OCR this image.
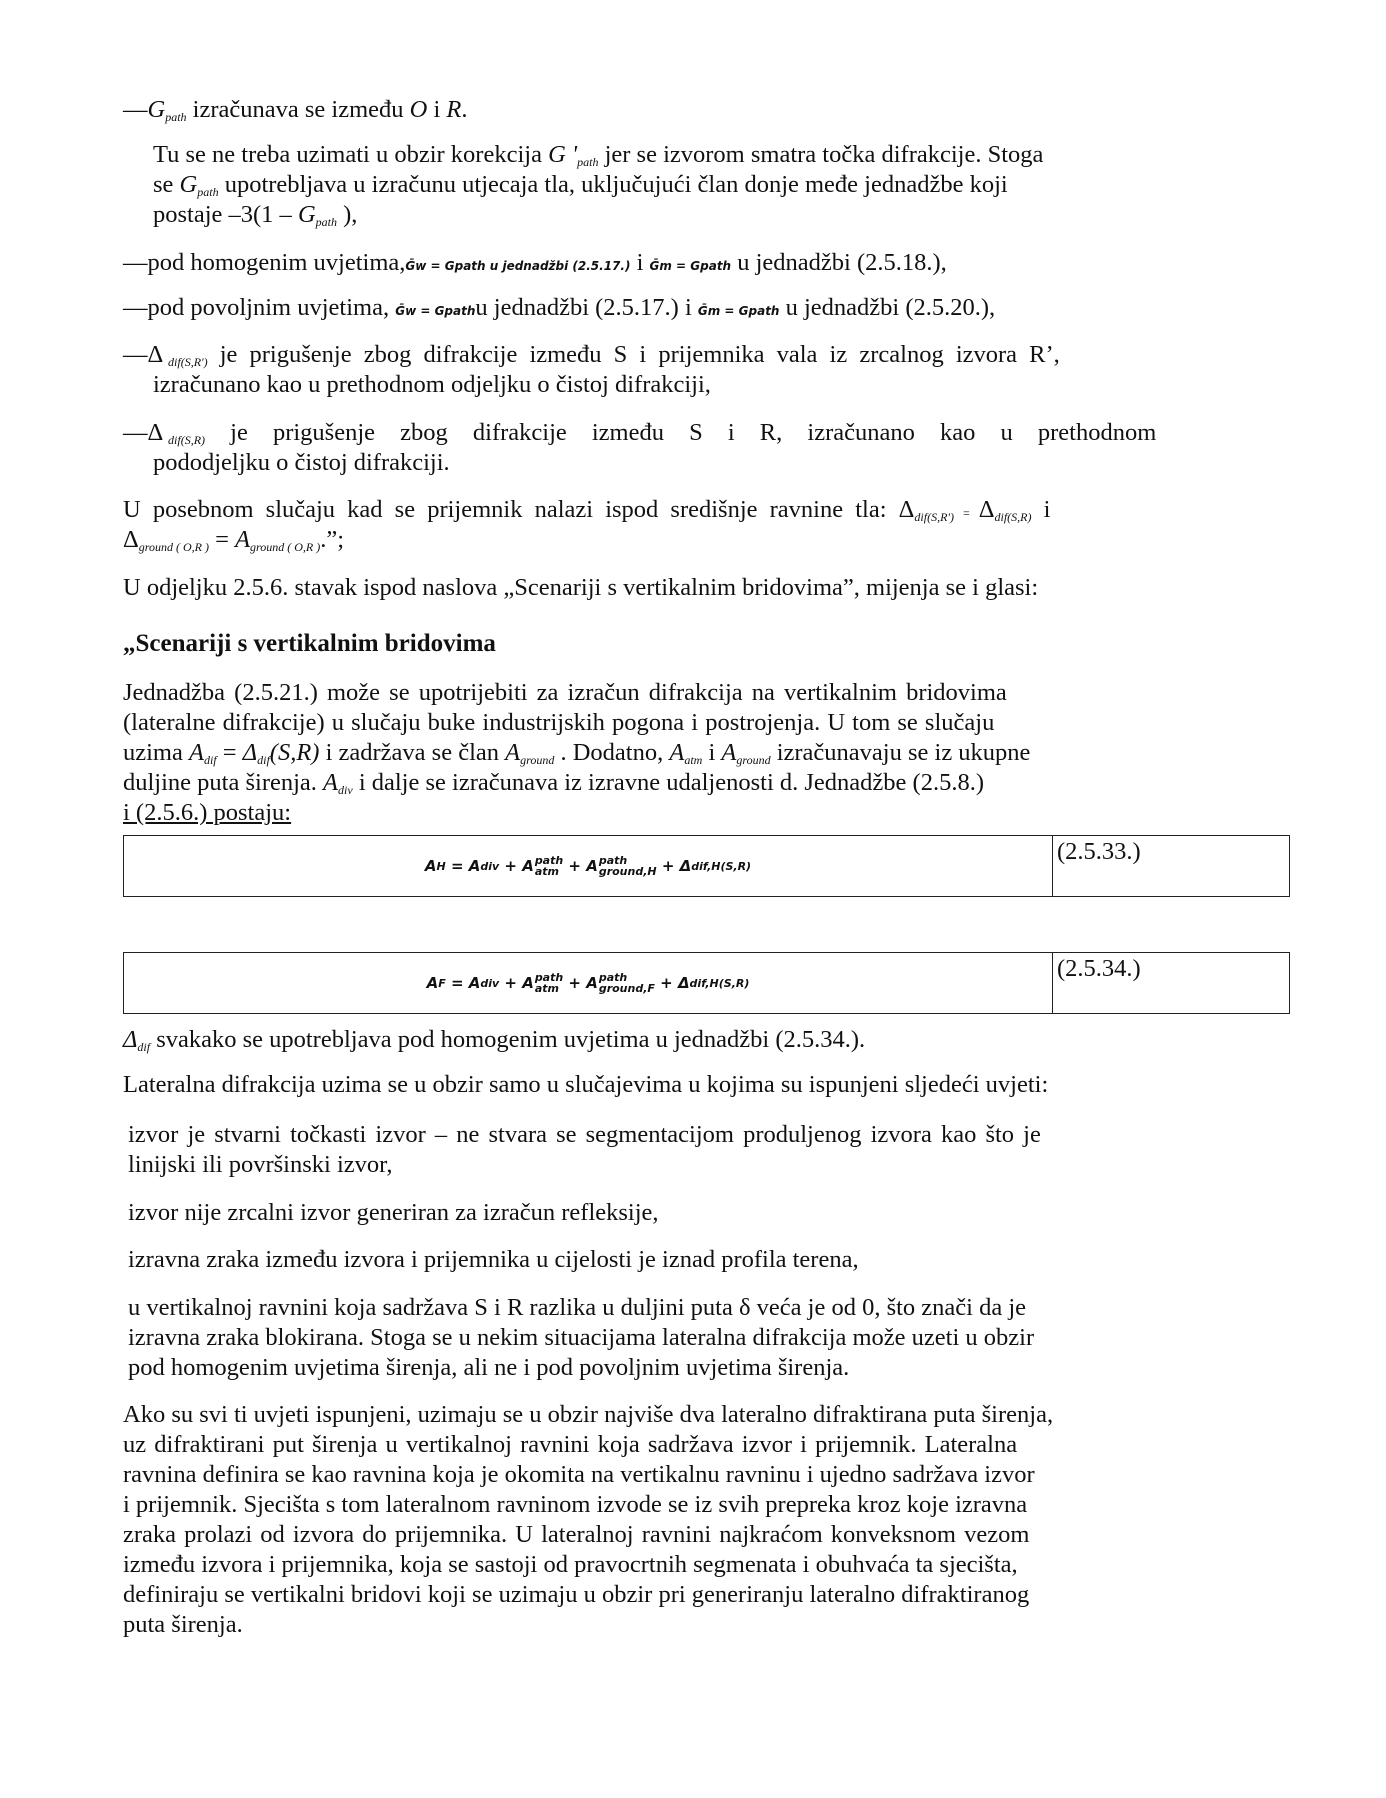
$—G_{path}$ izračunava se između O i R.
Tu se ne treba uzimati u obzir korekcija G '$_{path}$ jer se izvorom smatra točka difrakcije. Stoga
se $G_{path}$ upotrebljava u izračunu utjecaja tla, uključujući član donje međe jednadžbe koji
postaje $-3(1 - G_{path}$ ),
—pod homogenim uvjetima,Ḡw = Gpath u jednadžbi (2.5.17.) i Ḡm = Gpath u jednadžbi (2.5.18.),
—pod povoljnim uvjetima, Ḡw = Gpathu jednadžbi (2.5.17.) i Ḡm = Gpath u jednadžbi (2.5.20.),
—Δ $_{dif(S,R')}$ je prigušenje zbog difrakcije između S i prijemnika vala iz zrcalnog izvora R’,
izračunano kao u prethodnom odjeljku o čistoj difrakciji,
—Δ $_{dif(S,R)}$ je prigušenje zbog difrakcije između S i R, izračunano kao u prethodnom
pododjeljku o čistoj difrakciji.
U posebnom slučaju kad se prijemnik nalazi ispod središnje ravnine tla: $\Delta_{dif(S,R')} = \Delta_{dif(S,R)}$ i
$\Delta_{ground ( O,R )} = A_{ground ( O,R )}$.”;
U odjeljku 2.5.6. stavak ispod naslova „Scenariji s vertikalnim bridovima”, mijenja se i glasi:
„Scenariji s vertikalnim bridovima
Jednadžba (2.5.21.) može se upotrijebiti za izračun difrakcija na vertikalnim bridovima
(lateralne difrakcije) u slučaju buke industrijskih pogona i postrojenja. U tom se slučaju
uzima $A_{dif} = \Delta_{dif}(S,R)$ i zadržava se član $A_{ground}$ . Dodatno, $A_{atm}$ i $A_{ground}$ izračunavaju se iz ukupne
duljine puta širenja. $A_{div}$ i dalje se izračunava iz izravne udaljenosti d. Jednadžbe (2.5.8.)
i (2.5.6.) postaju:
A H = A div + A path
atm + A path
ground,H + Δ dif,H(S,R)
(2.5.33.)
A F = A div + A path
atm + A path
ground,F + Δ dif,H(S,R)
(2.5.34.)
$\Delta_{dif}$ svakako se upotrebljava pod homogenim uvjetima u jednadžbi (2.5.34.).
Lateralna difrakcija uzima se u obzir samo u slučajevima u kojima su ispunjeni sljedeći uvjeti:
izvor je stvarni točkasti izvor – ne stvara se segmentacijom produljenog izvora kao što je
linijski ili površinski izvor,
izvor nije zrcalni izvor generiran za izračun refleksije,
izravna zraka između izvora i prijemnika u cijelosti je iznad profila terena,
u vertikalnoj ravnini koja sadržava S i R razlika u duljini puta δ veća je od 0, što znači da je
izravna zraka blokirana. Stoga se u nekim situacijama lateralna difrakcija može uzeti u obzir
pod homogenim uvjetima širenja, ali ne i pod povoljnim uvjetima širenja.
Ako su svi ti uvjeti ispunjeni, uzimaju se u obzir najviše dva lateralno difraktirana puta širenja,
uz difraktirani put širenja u vertikalnoj ravnini koja sadržava izvor i prijemnik. Lateralna
ravnina definira se kao ravnina koja je okomita na vertikalnu ravninu i ujedno sadržava izvor
i prijemnik. Sjecišta s tom lateralnom ravninom izvode se iz svih prepreka kroz koje izravna
zraka prolazi od izvora do prijemnika. U lateralnoj ravnini najkraćom konveksnom vezom
između izvora i prijemnika, koja se sastoji od pravocrtnih segmenata i obuhvaća ta sjecišta,
definiraju se vertikalni bridovi koji se uzimaju u obzir pri generiranju lateralno difraktiranog
puta širenja.
